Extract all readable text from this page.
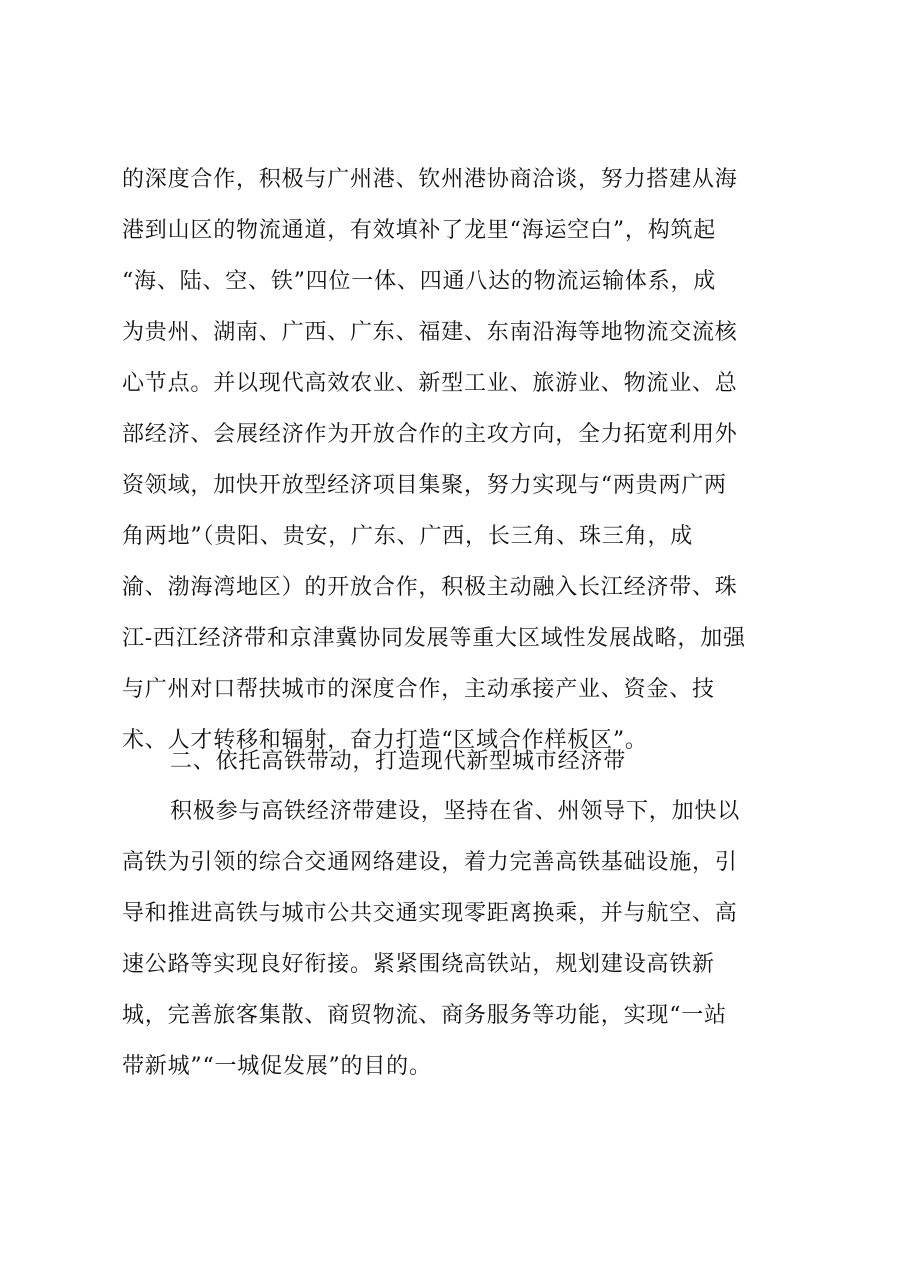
的深度合作，积极与广州港、钦州港协商洽谈，努力搭建从海
港到山区的物流通道，有效填补了龙里“海运空白”，构筑起
“海、陆、空、铁”四位一体、四通八达的物流运输体系，成
为贵州、湖南、广西、广东、福建、东南沿海等地物流交流核
心节点。并以现代高效农业、新型工业、旅游业、物流业、总
部经济、会展经济作为开放合作的主攻方向，全力拓宽利用外
资领域，加快开放型经济项目集聚，努力实现与“两贵两广两
角两地”（贵阳、贵安，广东、广西，长三角、珠三角，成
渝、渤海湾地区）的开放合作，积极主动融入长江经济带、珠
江-西江经济带和京津冀协同发展等重大区域性发展战略，加强
与广州对口帮扶城市的深度合作，主动承接产业、资金、技
术、人才转移和辐射，奋力打造“区域合作样板区”。
二、依托高铁带动，打造现代新型城市经济带
积极参与高铁经济带建设，坚持在省、州领导下，加快以
高铁为引领的综合交通网络建设，着力完善高铁基础设施，引
导和推进高铁与城市公共交通实现零距离换乘，并与航空、高
速公路等实现良好衔接。紧紧围绕高铁站，规划建设高铁新
城，完善旅客集散、商贸物流、商务服务等功能，实现“一站
带新城”“一城促发展”的目的。
